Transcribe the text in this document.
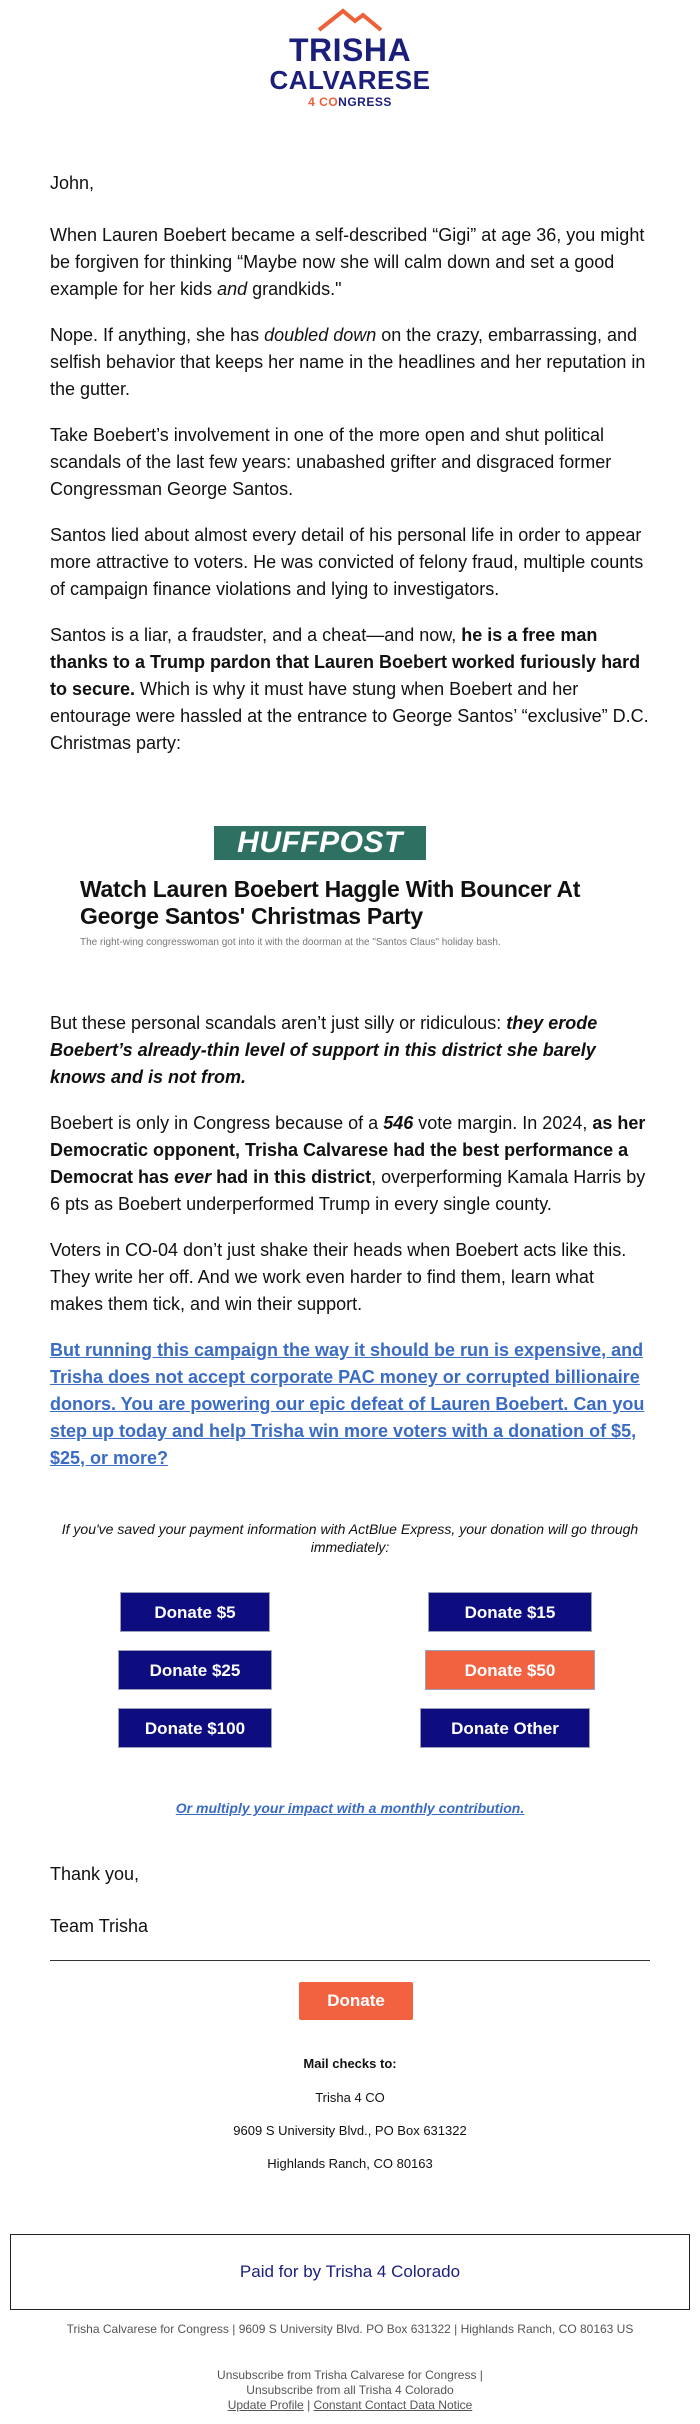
TRISHA
CALVARESE
4 CONGRESS

John,

When Lauren Boebert became a self-described “Gigi” at age 36, you might be forgiven for thinking “Maybe now she will calm down and set a good example for her kids and grandkids."

Nope. If anything, she has doubled down on the crazy, embarrassing, and selfish behavior that keeps her name in the headlines and her reputation in the gutter.

Take Boebert’s involvement in one of the more open and shut political scandals of the last few years: unabashed grifter and disgraced former Congressman George Santos.

Santos lied about almost every detail of his personal life in order to appear more attractive to voters. He was convicted of felony fraud, multiple counts of campaign finance violations and lying to investigators.

Santos is a liar, a fraudster, and a cheat—and now, he is a free man thanks to a Trump pardon that Lauren Boebert worked furiously hard to secure. Which is why it must have stung when Boebert and her entourage were hassled at the entrance to George Santos’ “exclusive” D.C. Christmas party:

HUFFPOST
Watch Lauren Boebert Haggle With Bouncer At George Santos' Christmas Party
The right-wing congresswoman got into it with the doorman at the "Santos Claus" holiday bash.

But these personal scandals aren’t just silly or ridiculous: they erode Boebert’s already-thin level of support in this district she barely knows and is not from.

Boebert is only in Congress because of a 546 vote margin. In 2024, as her Democratic opponent, Trisha Calvarese had the best performance a Democrat has ever had in this district, overperforming Kamala Harris by 6 pts as Boebert underperformed Trump in every single county.

Voters in CO-04 don’t just shake their heads when Boebert acts like this. They write her off. And we work even harder to find them, learn what makes them tick, and win their support.

But running this campaign the way it should be run is expensive, and Trisha does not accept corporate PAC money or corrupted billionaire donors. You are powering our epic defeat of Lauren Boebert. Can you step up today and help Trisha win more voters with a donation of $5, $25, or more?

If you've saved your payment information with ActBlue Express, your donation will go through immediately:
Donate $5	Donate $15
Donate $25	Donate $50
Donate $100	Donate Other
Or multiply your impact with a monthly contribution.
Thank you,
Team Trisha
Donate
Mail checks to:
Trisha 4 CO
9609 S University Blvd., PO Box 631322
Highlands Ranch, CO 80163
Paid for by Trisha 4 Colorado
Trisha Calvarese for Congress | 9609 S University Blvd. PO Box 631322 | Highlands Ranch, CO 80163 US
Unsubscribe from Trisha Calvarese for Congress |
Unsubscribe from all Trisha 4 Colorado
Update Profile | Constant Contact Data Notice
